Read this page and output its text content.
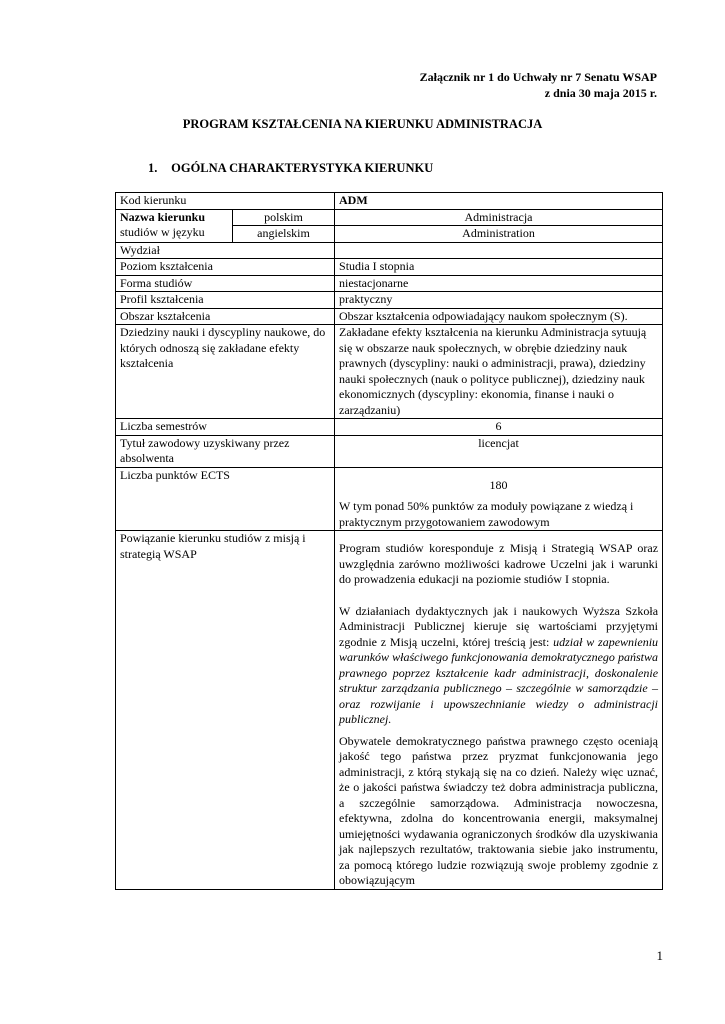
Załącznik nr 1 do Uchwały nr 7 Senatu WSAP
z dnia 30 maja 2015 r.
PROGRAM KSZTAŁCENIA NA KIERUNKU ADMINISTRACJA
1. OGÓLNA CHARAKTERYSTYKA KIERUNKU
Kod kierunku		ADM
Nazwa kierunku
studiów w języku	polskim	Administracja
	angielskim	Administration
Wydział		
Poziom kształcenia		Studia I stopnia
Forma studiów		niestacjonarne
Profil kształcenia		praktyczny
Obszar kształcenia		Obszar kształcenia odpowiadający naukom społecznym (S).
Dziedziny nauki i dyscypliny naukowe, do których odnoszą się zakładane efekty kształcenia		Zakładane efekty kształcenia na kierunku Administracja sytuują się w obszarze nauk społecznych, w obrębie dziedziny nauk prawnych (dyscypliny: nauki o administracji, prawa), dziedziny nauki społecznych (nauk o polityce publicznej), dziedziny nauk ekonomicznych (dyscypliny: ekonomia, finanse i nauki o zarządzaniu)
Liczba semestrów		6
Tytuł zawodowy uzyskiwany przez absolwenta		licencjat
Liczba punktów ECTS		180
W tym ponad 50% punktów za moduły powiązane z wiedzą i praktycznym przygotowaniem zawodowym

Powiązanie kierunku studiów z misją i strategią WSAP		Program studiów koresponduje z Misją i Strategią WSAP oraz uwzględnia zarówno możliwości kadrowe Uczelni jak i warunki do prowadzenia edukacji na poziomie studiów I stopnia.
W działaniach dydaktycznych jak i naukowych Wyższa Szkoła Administracji Publicznej kieruje się wartościami przyjętymi zgodnie z Misją uczelni, której treścią jest: udział w zapewnieniu warunków właściwego funkcjonowania demokratycznego państwa prawnego poprzez kształcenie kadr administracji, doskonalenie struktur zarządzania publicznego – szczególnie w samorządzie – oraz rozwijanie i upowszechnianie wiedzy o administracji publicznej.
Obywatele demokratycznego państwa prawnego często oceniają jakość tego państwa przez pryzmat funkcjonowania jego administracji, z którą stykają się na co dzień. Należy więc uznać, że o jakości państwa świadczy też dobra administracja publiczna, a szczególnie samorządowa. Administracja nowoczesna, efektywna, zdolna do koncentrowania energii, maksymalnej umiejętności wydawania ograniczonych środków dla uzyskiwania jak najlepszych rezultatów, traktowania siebie jako instrumentu, za pomocą którego ludzie rozwiązują swoje problemy zgodnie z obowiązującym
1
